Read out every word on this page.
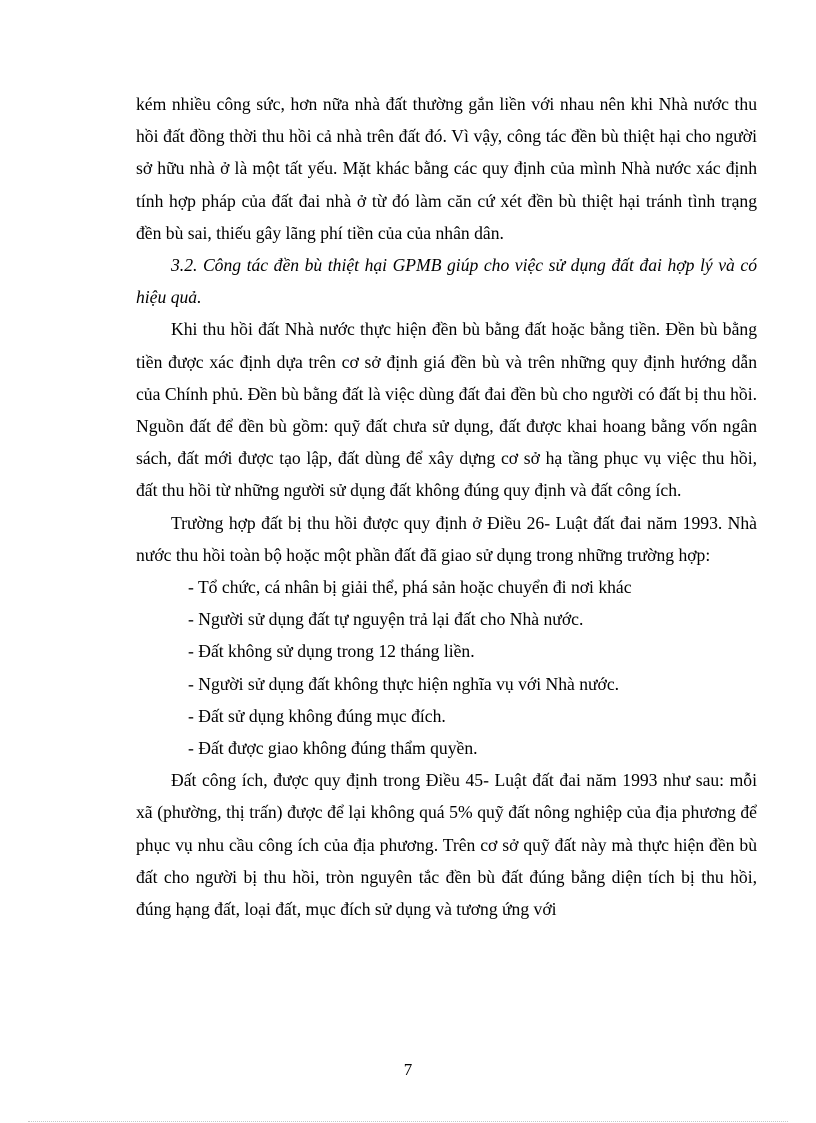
kém nhiều công sức, hơn nữa nhà đất thường gắn liền với nhau nên khi Nhà nước thu hồi đất đồng thời thu hồi cả nhà trên đất đó. Vì vậy, công tác đền bù thiệt hại cho người sở hữu nhà ở là một tất yếu. Mặt khác bằng các quy định của mình Nhà nước xác định tính hợp pháp của đất đai nhà ở từ đó làm căn cứ xét đền bù thiệt hại tránh tình trạng đền bù sai, thiếu gây lãng phí tiền của của nhân dân.

3.2. Công tác đền bù thiệt hại GPMB giúp cho việc sử dụng đất đai hợp lý và có hiệu quả.

Khi thu hồi đất Nhà nước thực hiện đền bù bằng đất hoặc bằng tiền. Đền bù bằng tiền được xác định dựa trên cơ sở định giá đền bù và trên những quy định hướng dẫn của Chính phủ. Đền bù bằng đất là việc dùng đất đai đền bù cho người có đất bị thu hồi. Nguồn đất để đền bù gồm: quỹ đất chưa sử dụng, đất được khai hoang bằng vốn ngân sách, đất mới được tạo lập, đất dùng để xây dựng cơ sở hạ tầng phục vụ việc thu hồi, đất thu hồi từ những người sử dụng đất không đúng quy định và đất công ích.

Trường hợp đất bị thu hồi được quy định ở Điều 26- Luật đất đai năm 1993. Nhà nước thu hồi toàn bộ hoặc một phần đất đã giao sử dụng trong những trường hợp:

- Tổ chức, cá nhân bị giải thể, phá sản hoặc chuyển đi nơi khác
- Người sử dụng đất tự nguyện trả lại đất cho Nhà nước.
- Đất không sử dụng trong 12 tháng liền.
- Người sử dụng đất không thực hiện nghĩa vụ với Nhà nước.
- Đất sử dụng không đúng mục đích.
- Đất được giao không đúng thẩm quyền.

Đất công ích, được quy định trong Điều 45- Luật đất đai năm 1993 như sau: mỗi xã (phường, thị trấn) được để lại không quá 5% quỹ đất nông nghiệp của địa phương để phục vụ nhu cầu công ích của địa phương. Trên cơ sở quỹ đất này mà thực hiện đền bù đất cho người bị thu hồi, tròn nguyên tắc đền bù đất đúng bằng diện tích bị thu hồi, đúng hạng đất, loại đất, mục đích sử dụng và tương ứng với

7
